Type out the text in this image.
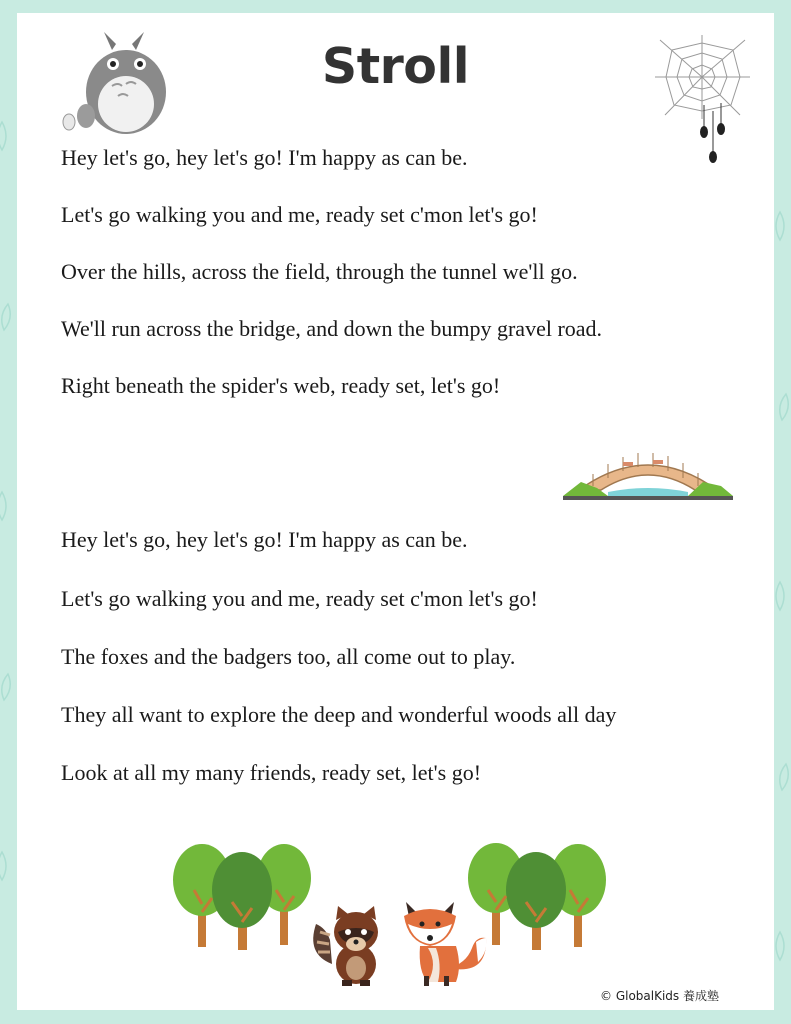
Stroll
Hey let's go, hey let's go! I'm happy as can be.
Let's go walking you and me, ready set c'mon let's go!
Over the hills, across the field, through the tunnel we'll go.
We'll run across the bridge, and down the bumpy gravel road.
Right beneath the spider's web, ready set, let's go!
Hey let's go, hey let's go! I'm happy as can be.
Let's go walking you and me, ready set c'mon let's go!
The foxes and the badgers too, all come out to play.
They all want to explore the deep and wonderful woods all day
Look at all my many friends, ready set, let's go!
© GlobalKids 養成塾
